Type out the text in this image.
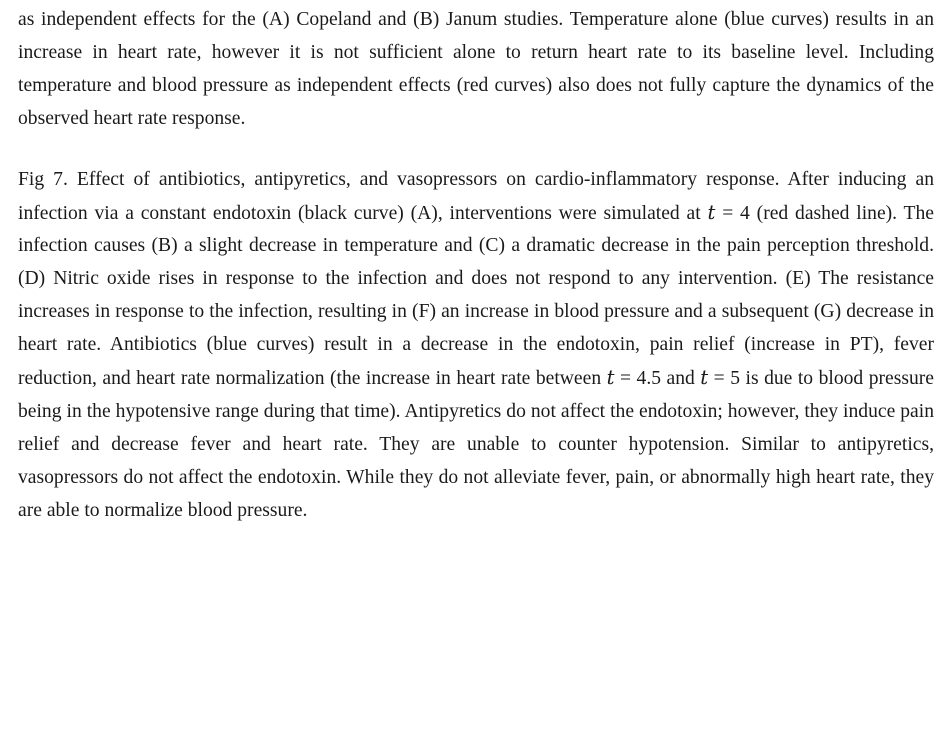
as independent effects for the (A) Copeland and (B) Janum studies. Temperature alone (blue curves) results in an increase in heart rate, however it is not sufficient alone to return heart rate to its baseline level. Including temperature and blood pressure as independent effects (red curves) also does not fully capture the dynamics of the observed heart rate response.

Fig 7. Effect of antibiotics, antipyretics, and vasopressors on cardio-inflammatory response. After inducing an infection via a constant endotoxin (black curve) (A), interventions were simulated at t = 4 (red dashed line). The infection causes (B) a slight decrease in temperature and (C) a dramatic decrease in the pain perception threshold. (D) Nitric oxide rises in response to the infection and does not respond to any intervention. (E) The resistance increases in response to the infection, resulting in (F) an increase in blood pressure and a subsequent (G) decrease in heart rate. Antibiotics (blue curves) result in a decrease in the endotoxin, pain relief (increase in PT), fever reduction, and heart rate normalization (the increase in heart rate between t = 4.5 and t = 5 is due to blood pressure being in the hypotensive range during that time). Antipyretics do not affect the endotoxin; however, they induce pain relief and decrease fever and heart rate. They are unable to counter hypotension. Similar to antipyretics, vasopressors do not affect the endotoxin. While they do not alleviate fever, pain, or abnormally high heart rate, they are able to normalize blood pressure.
